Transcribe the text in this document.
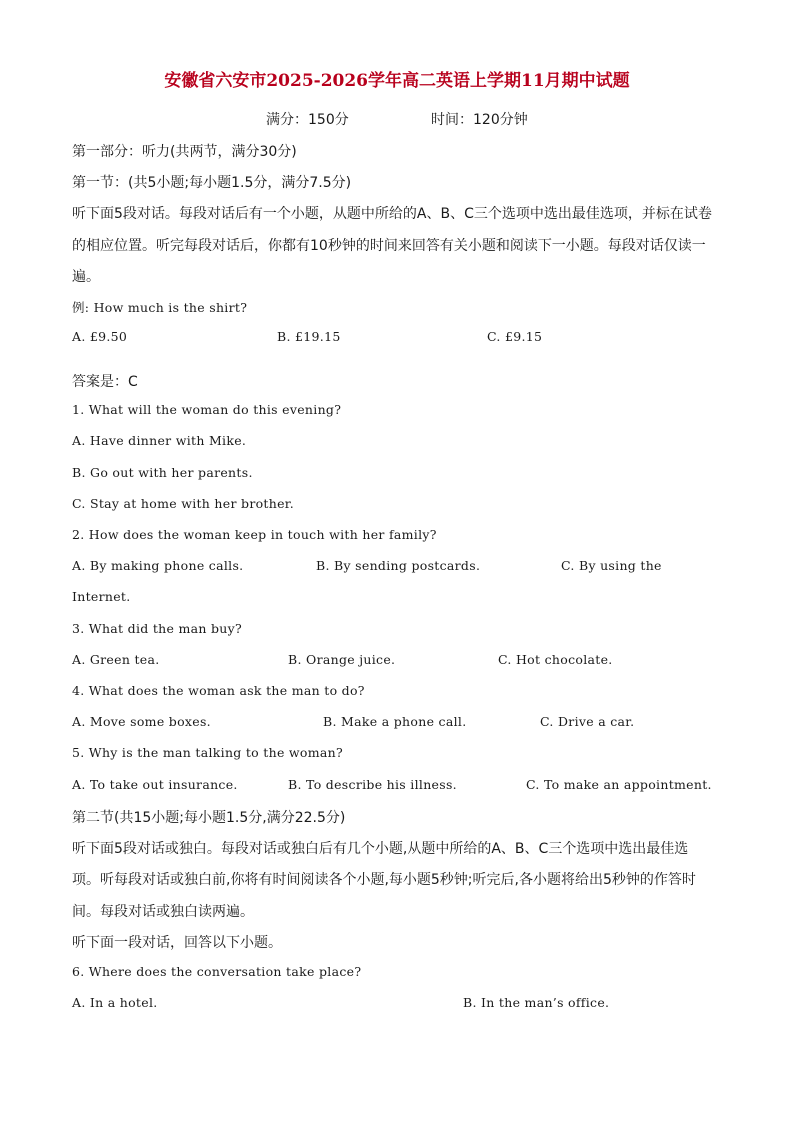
安徽省六安市2025-2026学年高二英语上学期11月期中试题
满分：150分	时间：120分钟
第一部分：听力(共两节，满分30分)
第一节：(共5小题;每小题1.5分，满分7.5分)
听下面5段对话。每段对话后有一个小题，从题中所给的A、B、C三个选项中选出最佳选项，并标在试卷
的相应位置。听完每段对话后，你都有10秒钟的时间来回答有关小题和阅读下一小题。每段对话仅读一
遍。
例: How much is the shirt?
A. £9.50	B. £19.15	C. £9.15
答案是：C
1. What will the woman do this evening?
A. Have dinner with Mike.
B. Go out with her parents.
C. Stay at home with her brother.
2. How does the woman keep in touch with her family?
A. By making phone calls.	B. By sending postcards.	C. By using the
Internet.
3. What did the man buy?
A. Green tea.	B. Orange juice.	C. Hot chocolate.
4. What does the woman ask the man to do?
A. Move some boxes.	B. Make a phone call.	C. Drive a car.
5. Why is the man talking to the woman?
A. To take out insurance.	B. To describe his illness.	C. To make an appointment.
第二节(共15小题;每小题1.5分,满分22.5分)
听下面5段对话或独白。每段对话或独白后有几个小题,从题中所给的A、B、C三个选项中选出最佳选
项。听每段对话或独白前,你将有时间阅读各个小题,每小题5秒钟;听完后,各小题将给出5秒钟的作答时
间。每段对话或独白读两遍。
听下面一段对话，回答以下小题。
6. Where does the conversation take place?
A. In a hotel.	B. In the man’s office.
